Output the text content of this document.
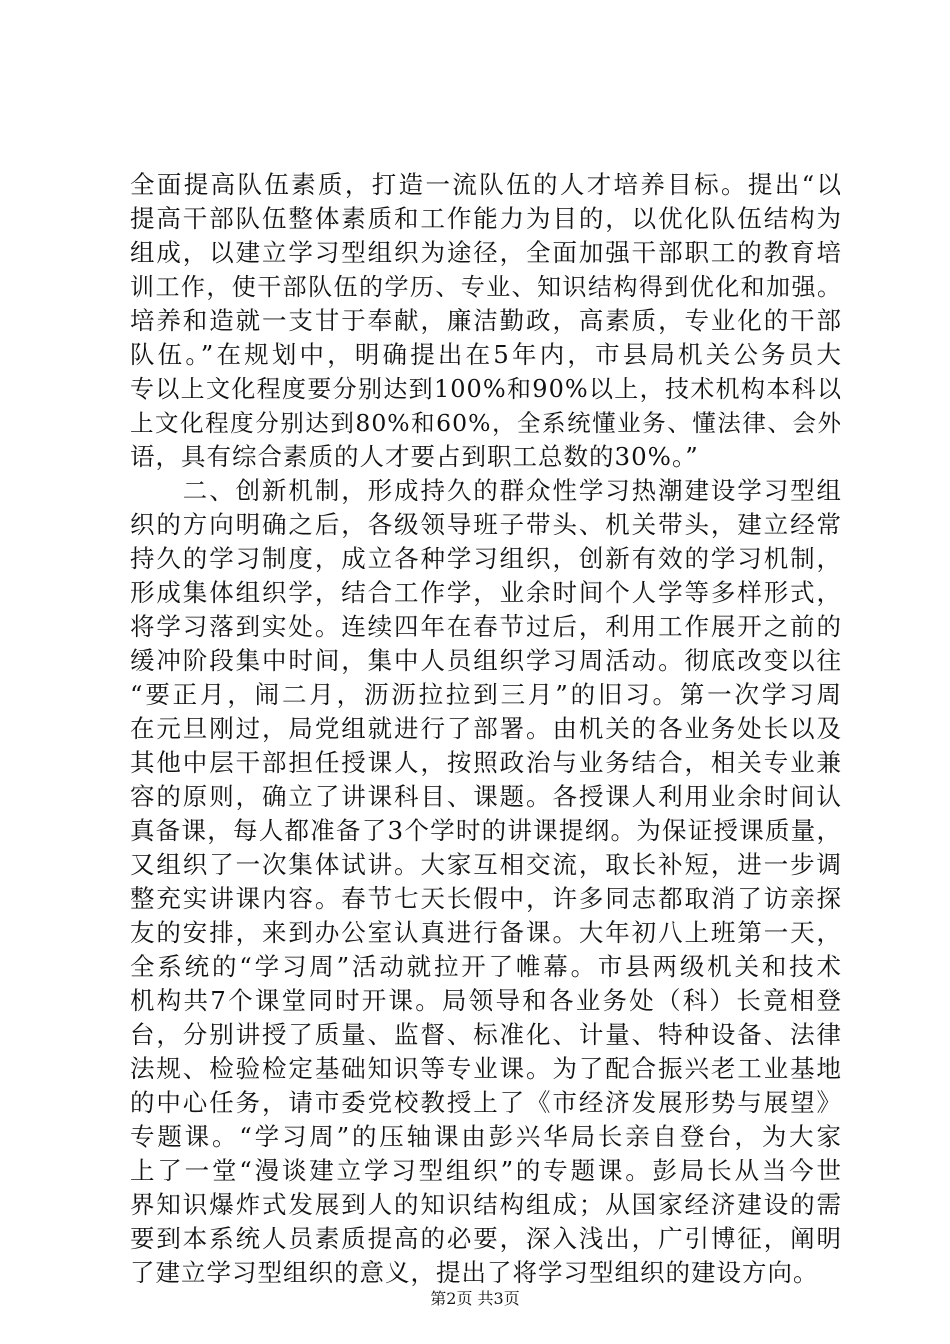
全面提高队伍素质，打造一流队伍的人才培养目标。提出“以
提高干部队伍整体素质和工作能力为目的，以优化队伍结构为
组成，以建立学习型组织为途径，全面加强干部职工的教育培
训工作，使干部队伍的学历、专业、知识结构得到优化和加强。
培养和造就一支甘于奉献，廉洁勤政，高素质，专业化的干部
队伍。”在规划中，明确提出在5年内，市县局机关公务员大
专以上文化程度要分别达到100%和90%以上，技术机构本科以
上文化程度分别达到80%和60%，全系统懂业务、懂法律、会外
语，具有综合素质的人才要占到职工总数的30%。”
　　二、创新机制，形成持久的群众性学习热潮建设学习型组
织的方向明确之后，各级领导班子带头、机关带头，建立经常
持久的学习制度，成立各种学习组织，创新有效的学习机制，
形成集体组织学，结合工作学，业余时间个人学等多样形式，
将学习落到实处。连续四年在春节过后，利用工作展开之前的
缓冲阶段集中时间，集中人员组织学习周活动。彻底改变以往
“要正月，闹二月，沥沥拉拉到三月”的旧习。第一次学习周
在元旦刚过，局党组就进行了部署。由机关的各业务处长以及
其他中层干部担任授课人，按照政治与业务结合，相关专业兼
容的原则，确立了讲课科目、课题。各授课人利用业余时间认
真备课，每人都准备了3个学时的讲课提纲。为保证授课质量，
又组织了一次集体试讲。大家互相交流，取长补短，进一步调
整充实讲课内容。春节七天长假中，许多同志都取消了访亲探
友的安排，来到办公室认真进行备课。大年初八上班第一天，
全系统的“学习周”活动就拉开了帷幕。市县两级机关和技术
机构共7个课堂同时开课。局领导和各业务处（科）长竟相登
台，分别讲授了质量、监督、标准化、计量、特种设备、法律
法规、检验检定基础知识等专业课。为了配合振兴老工业基地
的中心任务，请市委党校教授上了《市经济发展形势与展望》
专题课。“学习周”的压轴课由彭兴华局长亲自登台，为大家
上了一堂“漫谈建立学习型组织”的专题课。彭局长从当今世
界知识爆炸式发展到人的知识结构组成；从国家经济建设的需
要到本系统人员素质提高的必要，深入浅出，广引博征，阐明
了建立学习型组织的意义，提出了将学习型组织的建设方向。
第2页 共3页
